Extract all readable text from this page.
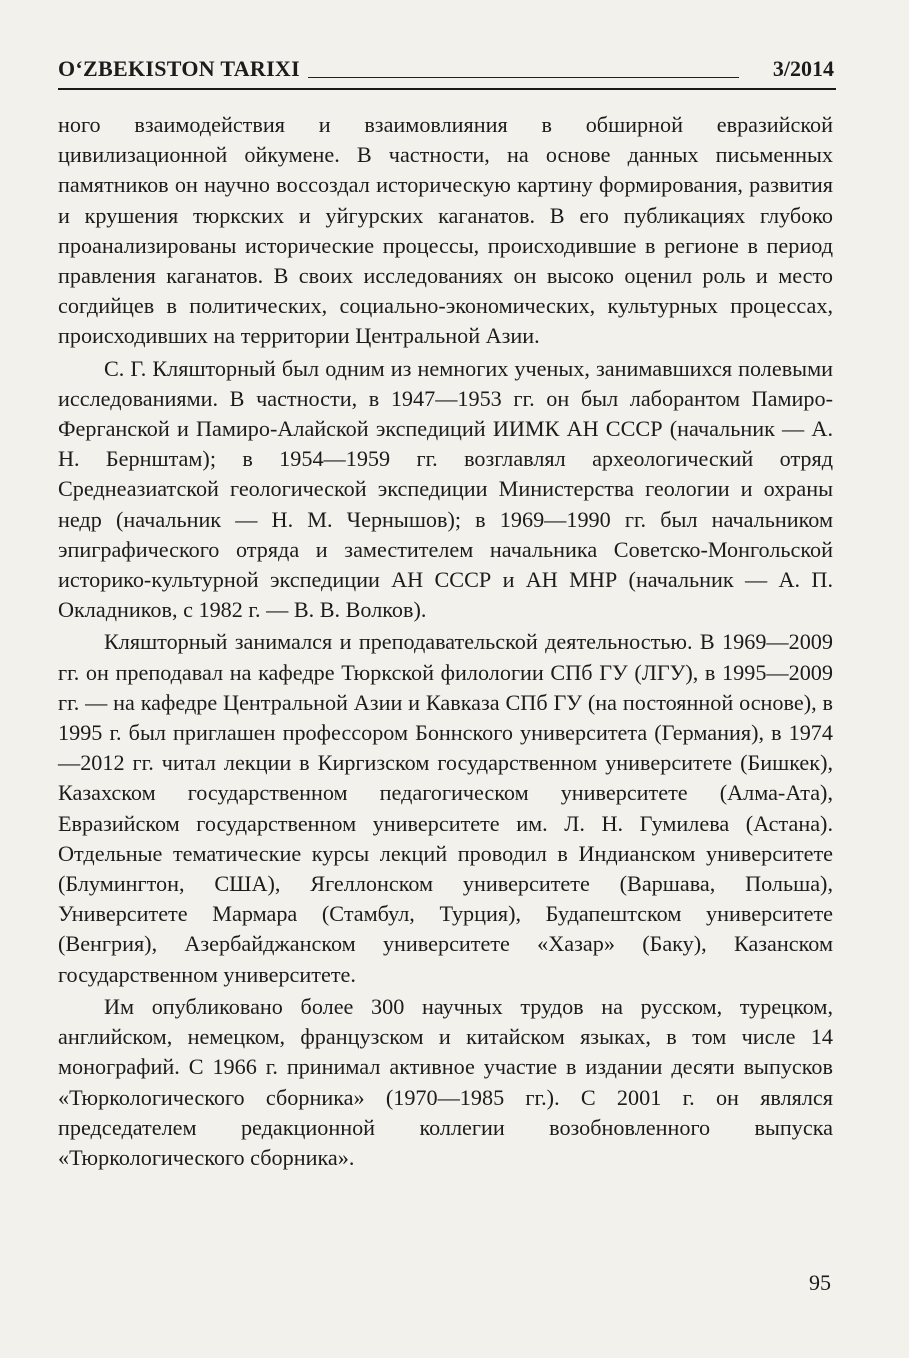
O‘ZBEKISTON TARIXI	3/2014

ного взаимодействия и взаимовлияния в обширной евразийской цивилизационной ойкумене. В частности, на основе данных письменных памятников он научно воссоздал историческую картину формирования, развития и крушения тюркских и уйгурских каганатов. В его публикациях глубоко проанализированы исторические процессы, происходившие в регионе в период правления каганатов. В своих исследованиях он высоко оценил роль и место согдийцев в политических, социально-экономических, культурных процессах, происходивших на территории Центральной Азии.

С. Г. Кляшторный был одним из немногих ученых, занимавшихся полевыми исследованиями. В частности, в 1947—1953 гг. он был лаборантом Памиро-Ферганской и Памиро-Алайской экспедиций ИИМК АН СССР (начальник — А. Н. Бернштам); в 1954—1959 гг. возглавлял археологический отряд Среднеазиатской геологической экспедиции Министерства геологии и охраны недр (начальник — Н. М. Чернышов); в 1969—1990 гг. был начальником эпиграфического отряда и заместителем начальника Советско-Монгольской историко-культурной экспедиции АН СССР и АН МНР (начальник — А. П. Окладников, с 1982 г. — В. В. Волков).

Кляшторный занимался и преподавательской деятельностью. В 1969—2009 гг. он преподавал на кафедре Тюркской филологии СПб ГУ (ЛГУ), в 1995—2009 гг. — на кафедре Центральной Азии и Кавказа СПб ГУ (на постоянной основе), в 1995 г. был приглашен профессором Боннского университета (Германия), в 1974—2012 гг. читал лекции в Киргизском государственном университете (Бишкек), Казахском государственном педагогическом университете (Алма-Ата), Евразийском государственном университете им. Л. Н. Гумилева (Астана). Отдельные тематические курсы лекций проводил в Индианском университете (Блумингтон, США), Ягеллонском университете (Варшава, Польша), Университете Мармара (Стамбул, Турция), Будапештском университете (Венгрия), Азербайджанском университете «Хазар» (Баку), Казанском государственном университете.

Им опубликовано более 300 научных трудов на русском, турецком, английском, немецком, французском и китайском языках, в том числе 14 монографий. С 1966 г. принимал активное участие в издании десяти выпусков «Тюркологического сборника» (1970—1985 гг.). С 2001 г. он являлся председателем редакционной коллегии возобновленного выпуска «Тюркологического сборника».

95
